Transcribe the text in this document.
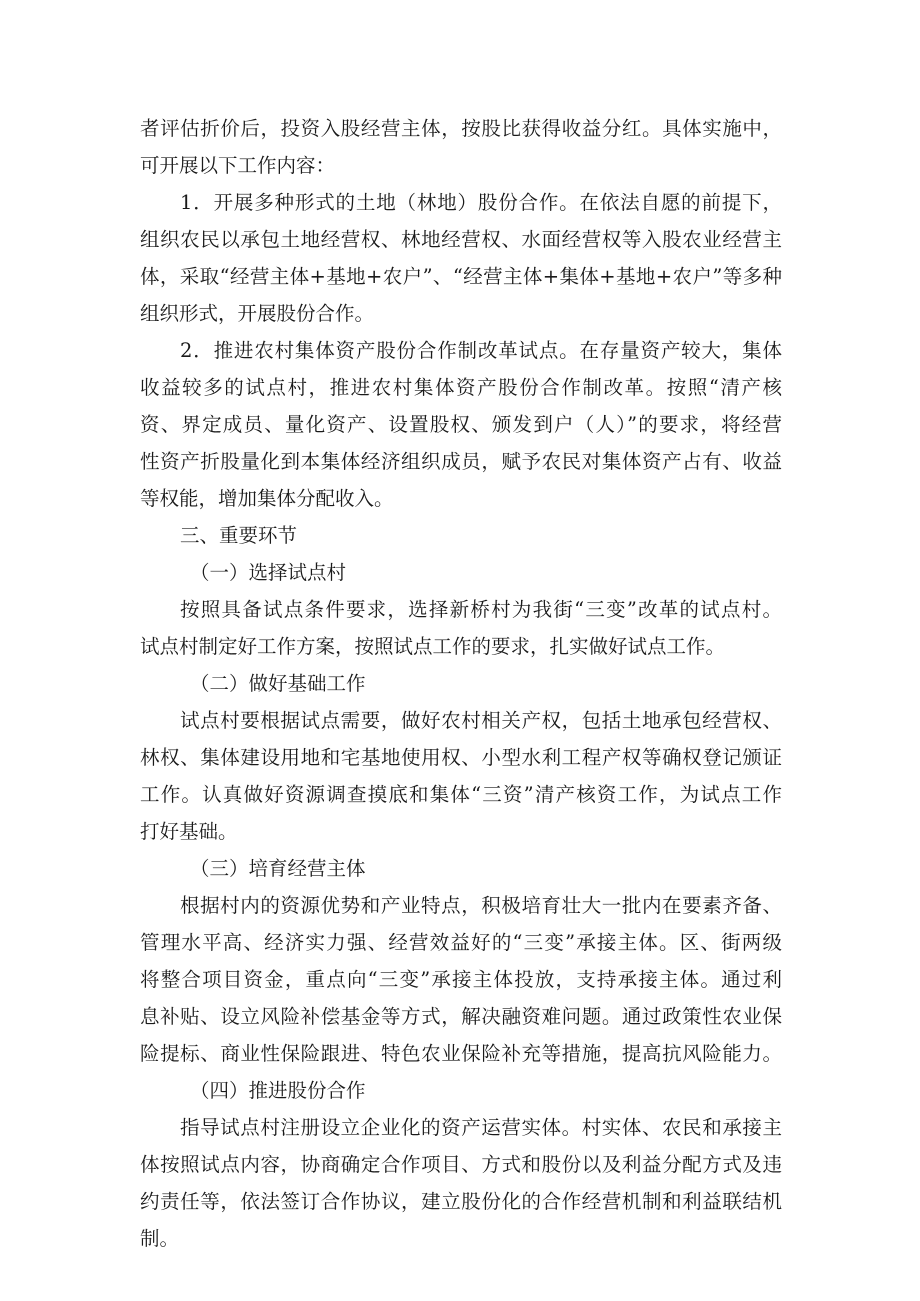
者评估折价后，投资入股经营主体，按股比获得收益分红。具体实施中，
可开展以下工作内容：
1．开展多种形式的土地（林地）股份合作。在依法自愿的前提下，
组织农民以承包土地经营权、林地经营权、水面经营权等入股农业经营主
体，采取“经营主体+基地+农户”、“经营主体+集体+基地+农户”等多种
组织形式，开展股份合作。
2．推进农村集体资产股份合作制改革试点。在存量资产较大，集体
收益较多的试点村，推进农村集体资产股份合作制改革。按照“清产核
资、界定成员、量化资产、设置股权、颁发到户（人）”的要求，将经营
性资产折股量化到本集体经济组织成员，赋予农民对集体资产占有、收益
等权能，增加集体分配收入。
三、重要环节
（一）选择试点村
按照具备试点条件要求，选择新桥村为我街“三变”改革的试点村。
试点村制定好工作方案，按照试点工作的要求，扎实做好试点工作。
（二）做好基础工作
试点村要根据试点需要，做好农村相关产权，包括土地承包经营权、
林权、集体建设用地和宅基地使用权、小型水利工程产权等确权登记颁证
工作。认真做好资源调查摸底和集体“三资”清产核资工作，为试点工作
打好基础。
（三）培育经营主体
根据村内的资源优势和产业特点，积极培育壮大一批内在要素齐备、
管理水平高、经济实力强、经营效益好的“三变”承接主体。区、街两级
将整合项目资金，重点向“三变”承接主体投放，支持承接主体。通过利
息补贴、设立风险补偿基金等方式，解决融资难问题。通过政策性农业保
险提标、商业性保险跟进、特色农业保险补充等措施，提高抗风险能力。
（四）推进股份合作
指导试点村注册设立企业化的资产运营实体。村实体、农民和承接主
体按照试点内容，协商确定合作项目、方式和股份以及利益分配方式及违
约责任等，依法签订合作协议，建立股份化的合作经营机制和利益联结机
制。
